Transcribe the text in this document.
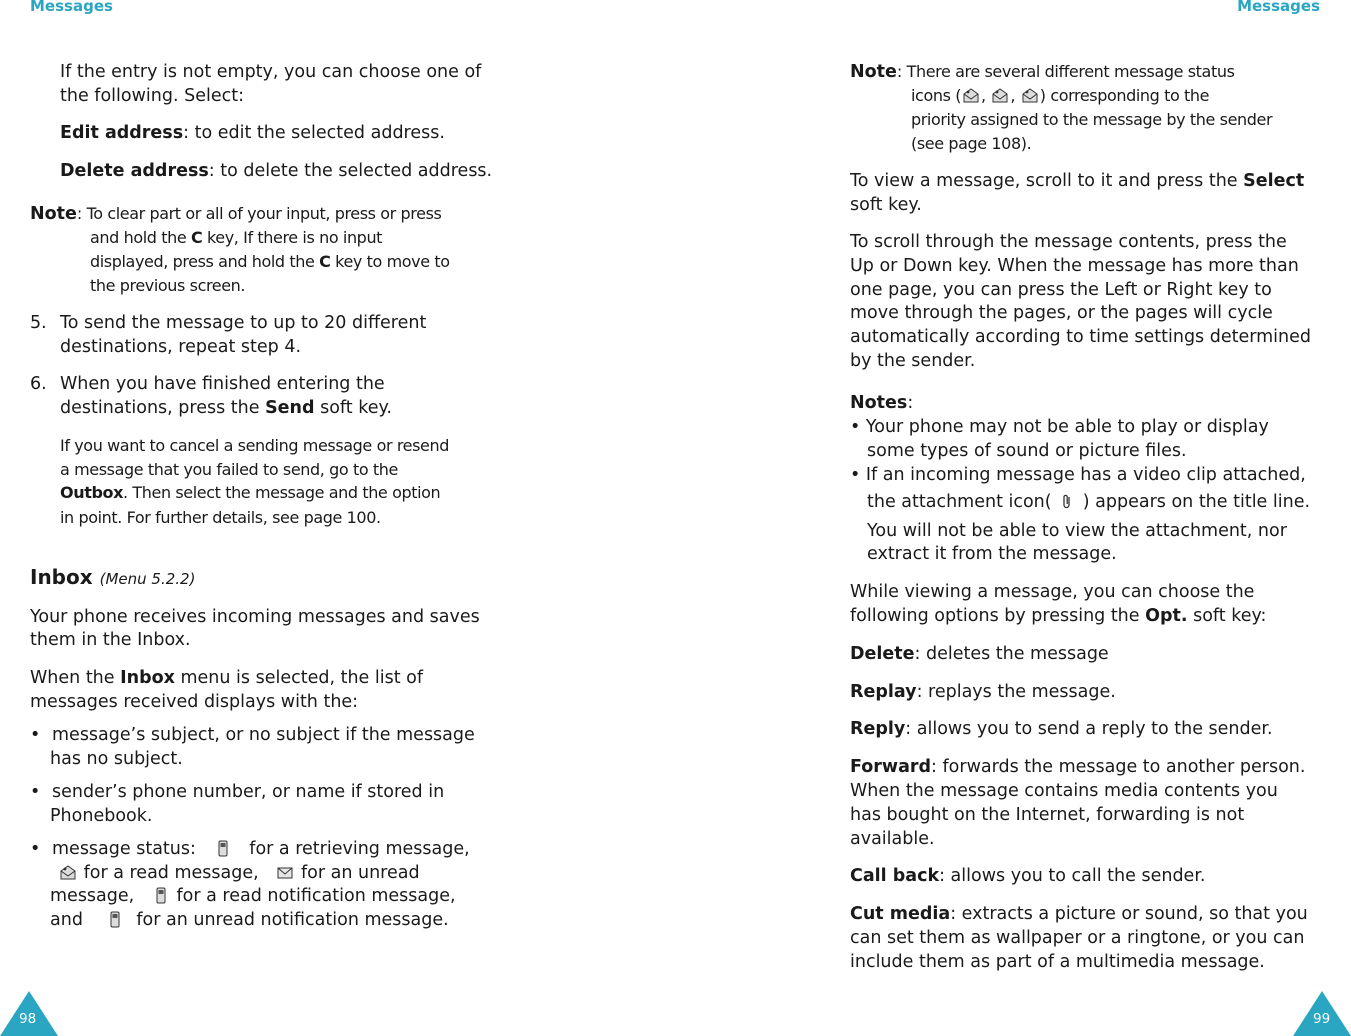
Messages	Messages
98	99
If the entry is not empty, you can choose one of
the following. Select:
Edit address: to edit the selected address.
Delete address: to delete the selected address.
Note: To clear part or all of your input, press or press
and hold the C key, If there is no input
displayed, press and hold the C key to move to
the previous screen.
5. To send the message to up to 20 different
destinations, repeat step 4.
6. When you have finished entering the
destinations, press the Send soft key.
If you want to cancel a sending message or resend
a message that you failed to send, go to the
Outbox. Then select the message and the option
in point. For further details, see page 100.
Inbox (Menu 5.2.2)
Your phone receives incoming messages and saves
them in the Inbox.
When the Inbox menu is selected, the list of
messages received displays with the:
• message’s subject, or no subject if the message
has no subject.
• sender’s phone number, or name if stored in
Phonebook.
• message status:	for a retrieving message,
for a read message, for an unread
message, for a read notification message,
and	for an unread notification message.
Note: There are several different message status
icons ( , , ) corresponding to the
priority assigned to the message by the sender
(see page 108).
To view a message, scroll to it and press the Select
soft key.
To scroll through the message contents, press the
Up or Down key. When the message has more than
one page, you can press the Left or Right key to
move through the pages, or the pages will cycle
automatically according to time settings determined
by the sender.
Notes:
• Your phone may not be able to play or display
some types of sound or picture files.
• If an incoming message has a video clip attached,
the attachment icon( ) appears on the title line.
You will not be able to view the attachment, nor
extract it from the message.
While viewing a message, you can choose the
following options by pressing the Opt. soft key:
Delete: deletes the message
Replay: replays the message.
Reply: allows you to send a reply to the sender.
Forward: forwards the message to another person.
When the message contains media contents you
has bought on the Internet, forwarding is not
available.
Call back: allows you to call the sender.
Cut media: extracts a picture or sound, so that you
can set them as wallpaper or a ringtone, or you can
include them as part of a multimedia message.
